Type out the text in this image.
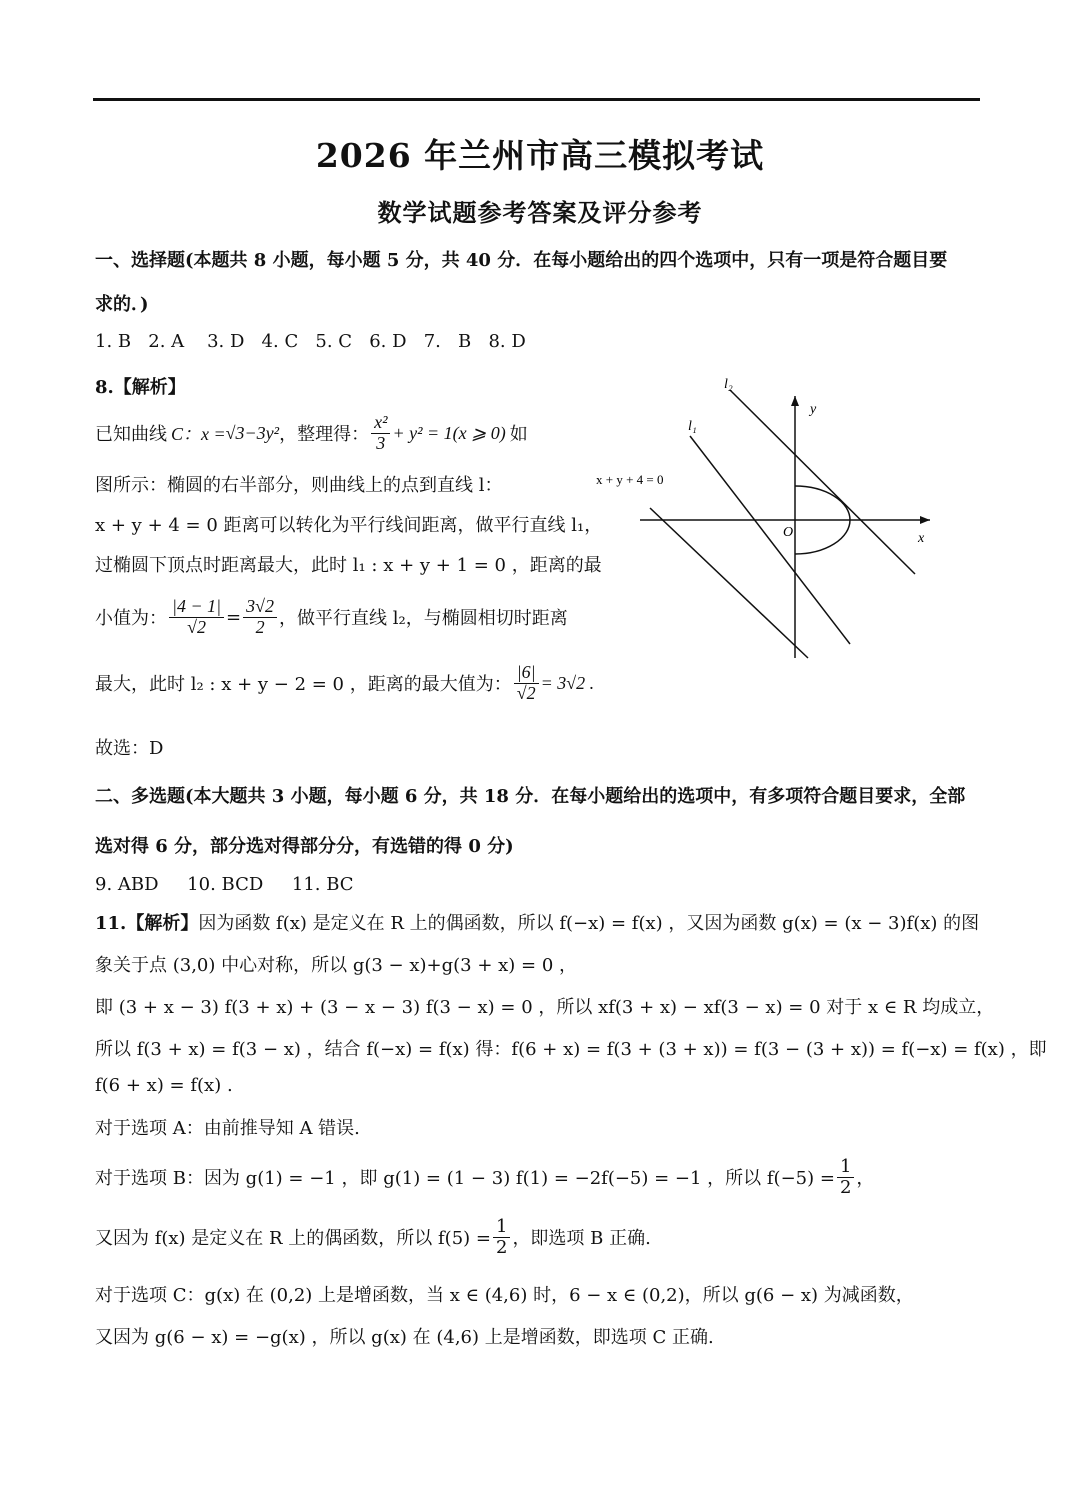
2026 年兰州市高三模拟考试
数学试题参考答案及评分参考
一、选择题(本题共 8 小题，每小题 5 分，共 40 分．在每小题给出的四个选项中，只有一项是符合题目要
求的．)
1. B   2. A    3. D   4. C   5. C   6. D   7.   B   8. D
8.【解析】
已知曲线 C：x = √3−3y² ，整理得： $\frac{\text{x²}}{3} + y^2 = 1(x$ ⩾ 0) 如
图所示：椭圆的右半部分，则曲线上的点到直线 l：
x + y + 4 = 0 距离可以转化为平行线间距离，做平行直线 l₁，
过椭圆下顶点时距离最大，此时 l₁ : x + y + 1 = 0 ，距离的最
小值为： $\frac{|4 - 1|}{√2} = \frac{3√2}{2}$ ，做平行直线 l₂，与椭圆相切时距离
最大，此时 l₂ : x + y − 2 = 0 ，距离的最大值为： $\frac{|6|}{√2} = 3√2$ .
故选：D
l₂
l₁
y
x
O
x + y + 4 = 0
二、多选题(本大题共 3 小题，每小题 6 分，共 18 分．在每小题给出的选项中，有多项符合题目要求，全部
选对得 6 分，部分选对得部分分，有选错的得 0 分)
9. ABD     10. BCD     11. BC
11.【解析】因为函数 f(x) 是定义在 R 上的偶函数，所以 f(−x) = f(x) ，又因为函数 g(x) = (x − 3)f(x) 的图
象关于点 (3,0) 中心对称，所以 g(3 − x)+g(3 + x) = 0 ，
即 (3 + x − 3) f(3 + x) + (3 − x − 3) f(3 − x) = 0 ，所以 xf(3 + x) − xf(3 − x) = 0 对于 x ∈ R 均成立，
所以 f(3 + x) = f(3 − x) ，结合 f(−x) = f(x) 得：f(6 + x) = f(3 + (3 + x)) = f(3 − (3 + x)) = f(−x) = f(x) ，即
f(6 + x) = f(x) .
对于选项 A：由前推导知 A 错误.
对于选项 B：因为 g(1) = −1 ，即 g(1) = (1 − 3) f(1) = −2f(−5) = −1 ，所以 $f(-5) = \frac{1}{2}$ ，
又因为 f(x) 是定义在 R 上的偶函数，所以 $f(5) = \frac{1}{2}$ ，即选项 B 正确.
对于选项 C：g(x) 在 (0,2) 上是增函数，当 x ∈ (4,6) 时，6 − x ∈ (0,2)，所以 g(6 − x) 为减函数，
又因为 g(6 − x) = −g(x) ，所以 g(x) 在 (4,6) 上是增函数，即选项 C 正确.
